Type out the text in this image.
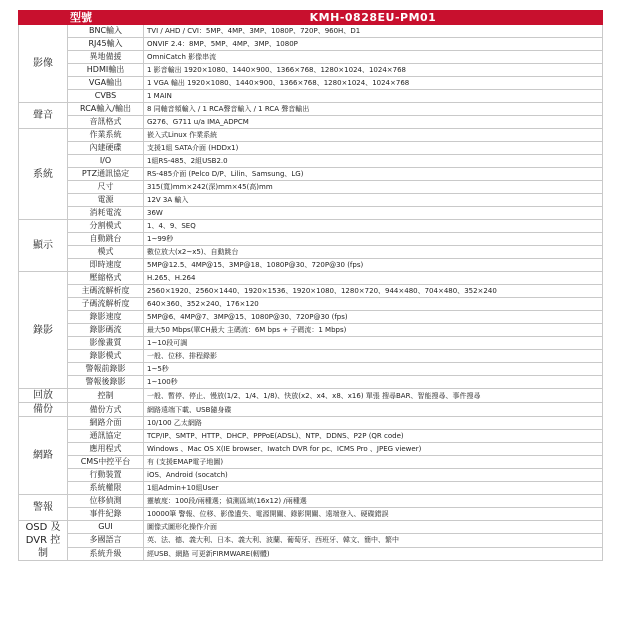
型號		KMH-0828EU-PM01
影像	BNC輸入	TVI / AHD / CVI：5MP、4MP、3MP、1080P、720P、960H、D1
	RJ45輸入	ONVIF 2.4：8MP、5MP、4MP、3MP、1080P
	異地備援	OmniCatch 影像串流
	HDMI輸出	1 影音輸出 1920×1080、1440×900、1366×768、1280×1024、1024×768
	VGA輸出	1 VGA 輸出 1920×1080、1440×900、1366×768、1280×1024、1024×768
	CVBS	1 MAIN
聲音	RCA輸入/輸出	8 同軸音頻輸入 / 1 RCA聲音輸入 / 1 RCA 聲音輸出
	音訊格式	G276、G711 u/a IMA_ADPCM
系統	作業系統	嵌入式Linux 作業系統
	內建硬碟	支援1組 SATA介面 (HDDx1)
	I/O	1組RS-485、2組USB2.0
	PTZ通訊協定	RS-485介面 (Pelco D/P、Lilin、Samsung、LG)
	尺寸	315(寬)mm×242(深)mm×45(高)mm
	電源	12V 3A 輸入
	消耗電流	36W
顯示	分割模式	1、4、9、SEQ
	自動跳台	1~99秒
	模式	數位放大(x2~x5)、自動跳台
	即時速度	5MP@12.5、4MP@15、3MP@18、1080P@30、720P@30 (fps)
錄影	壓縮格式	H.265、H.264
	主碼流解析度	2560×1920、2560×1440、1920×1536、1920×1080、1280×720、944×480、704×480、352×240
	子碼流解析度	640×360、352×240、176×120
	錄影速度	5MP@6、4MP@7、3MP@15、1080P@30、720P@30 (fps)
	錄影碼流	最大50 Mbps(單CH最大 主碼流：6M bps + 子碼流：1 Mbps)
	影像畫質	1~10段可調
	錄影模式	一般、位移、排程錄影
	警報前錄影	1~5秒
	警報後錄影	1~100秒
回放	控制	一般、暫停、停止、慢放(1/2、1/4、1/8)、快放(x2、x4、x8、x16) 單張 搜尋BAR、智能搜尋、事件搜尋
備份	備份方式	網路遠端下載、USB隨身碟
網路	網路介面	10/100 乙太網路
	通訊協定	TCP/IP、SMTP、HTTP、DHCP、PPPoE(ADSL)、NTP、DDNS、P2P (QR code)
	應用程式	Windows 、Mac OS X(IE browser、Iwatch DVR for pc、ICMS Pro 、JPEG viewer)
	CMS中控平台	有 (支援EMAP電子地圖)
	行動裝置	iOS、Android (socatch)
	系統權限	1組Admin+10組User
警報	位移偵測	靈敏度：100段/兩種選；偵測區域(16x12) /兩種選
	事件紀錄	10000筆 警報、位移、影像遺失、電源開關、錄影開關、遠端登入、硬碟錯誤
OSD 及 DVR 控制	GUI	圖像式圖形化操作介面
	多國語言	英、法、德、義大利、日本、義大利、波蘭、葡萄牙、西班牙、韓文、簡中、繁中
	系統升級	經USB、網路 可更新FIRMWARE(軔體)
